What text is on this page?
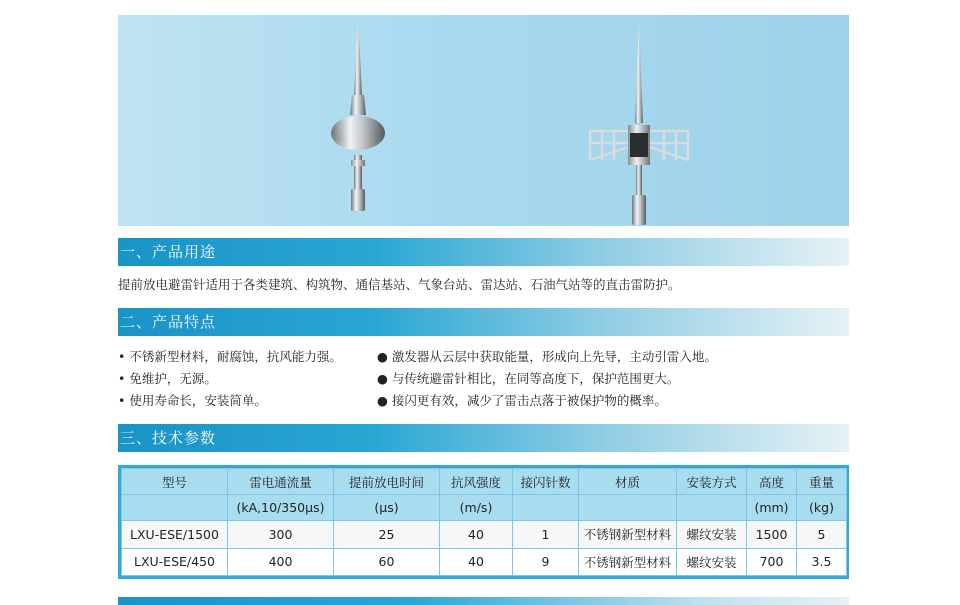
一、产品用途
提前放电避雷针适用于各类建筑、构筑物、通信基站、气象台站、雷达站、石油气站等的直击雷防护。
二、产品特点
• 不锈新型材料，耐腐蚀，抗风能力强。
• 免维护，无源。
• 使用寿命长，安装简单。
● 激发器从云层中获取能量，形成向上先导，主动引雷入地。
● 与传统避雷针相比，在同等高度下，保护范围更大。
● 接闪更有效，减少了雷击点落于被保护物的概率。
三、技术参数
型号	雷电通流量	提前放电时间	抗风强度	接闪针数	材质	安装方式	高度	重量
	(kA,10/350μs)	(μs)	(m/s)				(mm)	(kg)
LXU-ESE/1500	300	25	40	1	不锈钢新型材料	螺纹安装	1500	5
LXU-ESE/450	400	60	40	9	不锈钢新型材料	螺纹安装	700	3.5
